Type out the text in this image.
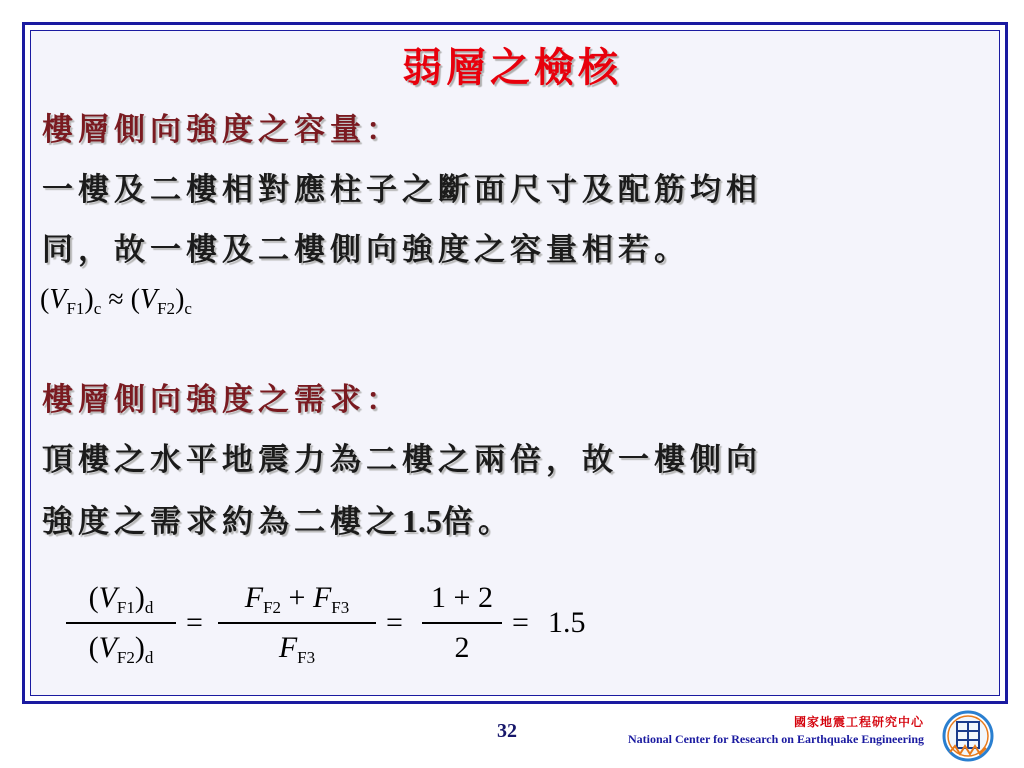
弱層之檢核
樓層側向強度之容量：
一樓及二樓相對應柱子之斷面尺寸及配筋均相
同，故一樓及二樓側向強度之容量相若。
$(V_{F1})_c \approx (V_{F2})_c$
樓層側向強度之需求：
頂樓之水平地震力為二樓之兩倍，故一樓側向
強度之需求約為二樓之1.5倍。
$(V_{F1})_d$
$(V_{F2})_d$
=
$F_{F2} + F_{F3}$
$F_{F3}$
=
1 + 2
2
= 1.5
32	國家地震工程研究中心
National Center for Research on Earthquake Engineering
